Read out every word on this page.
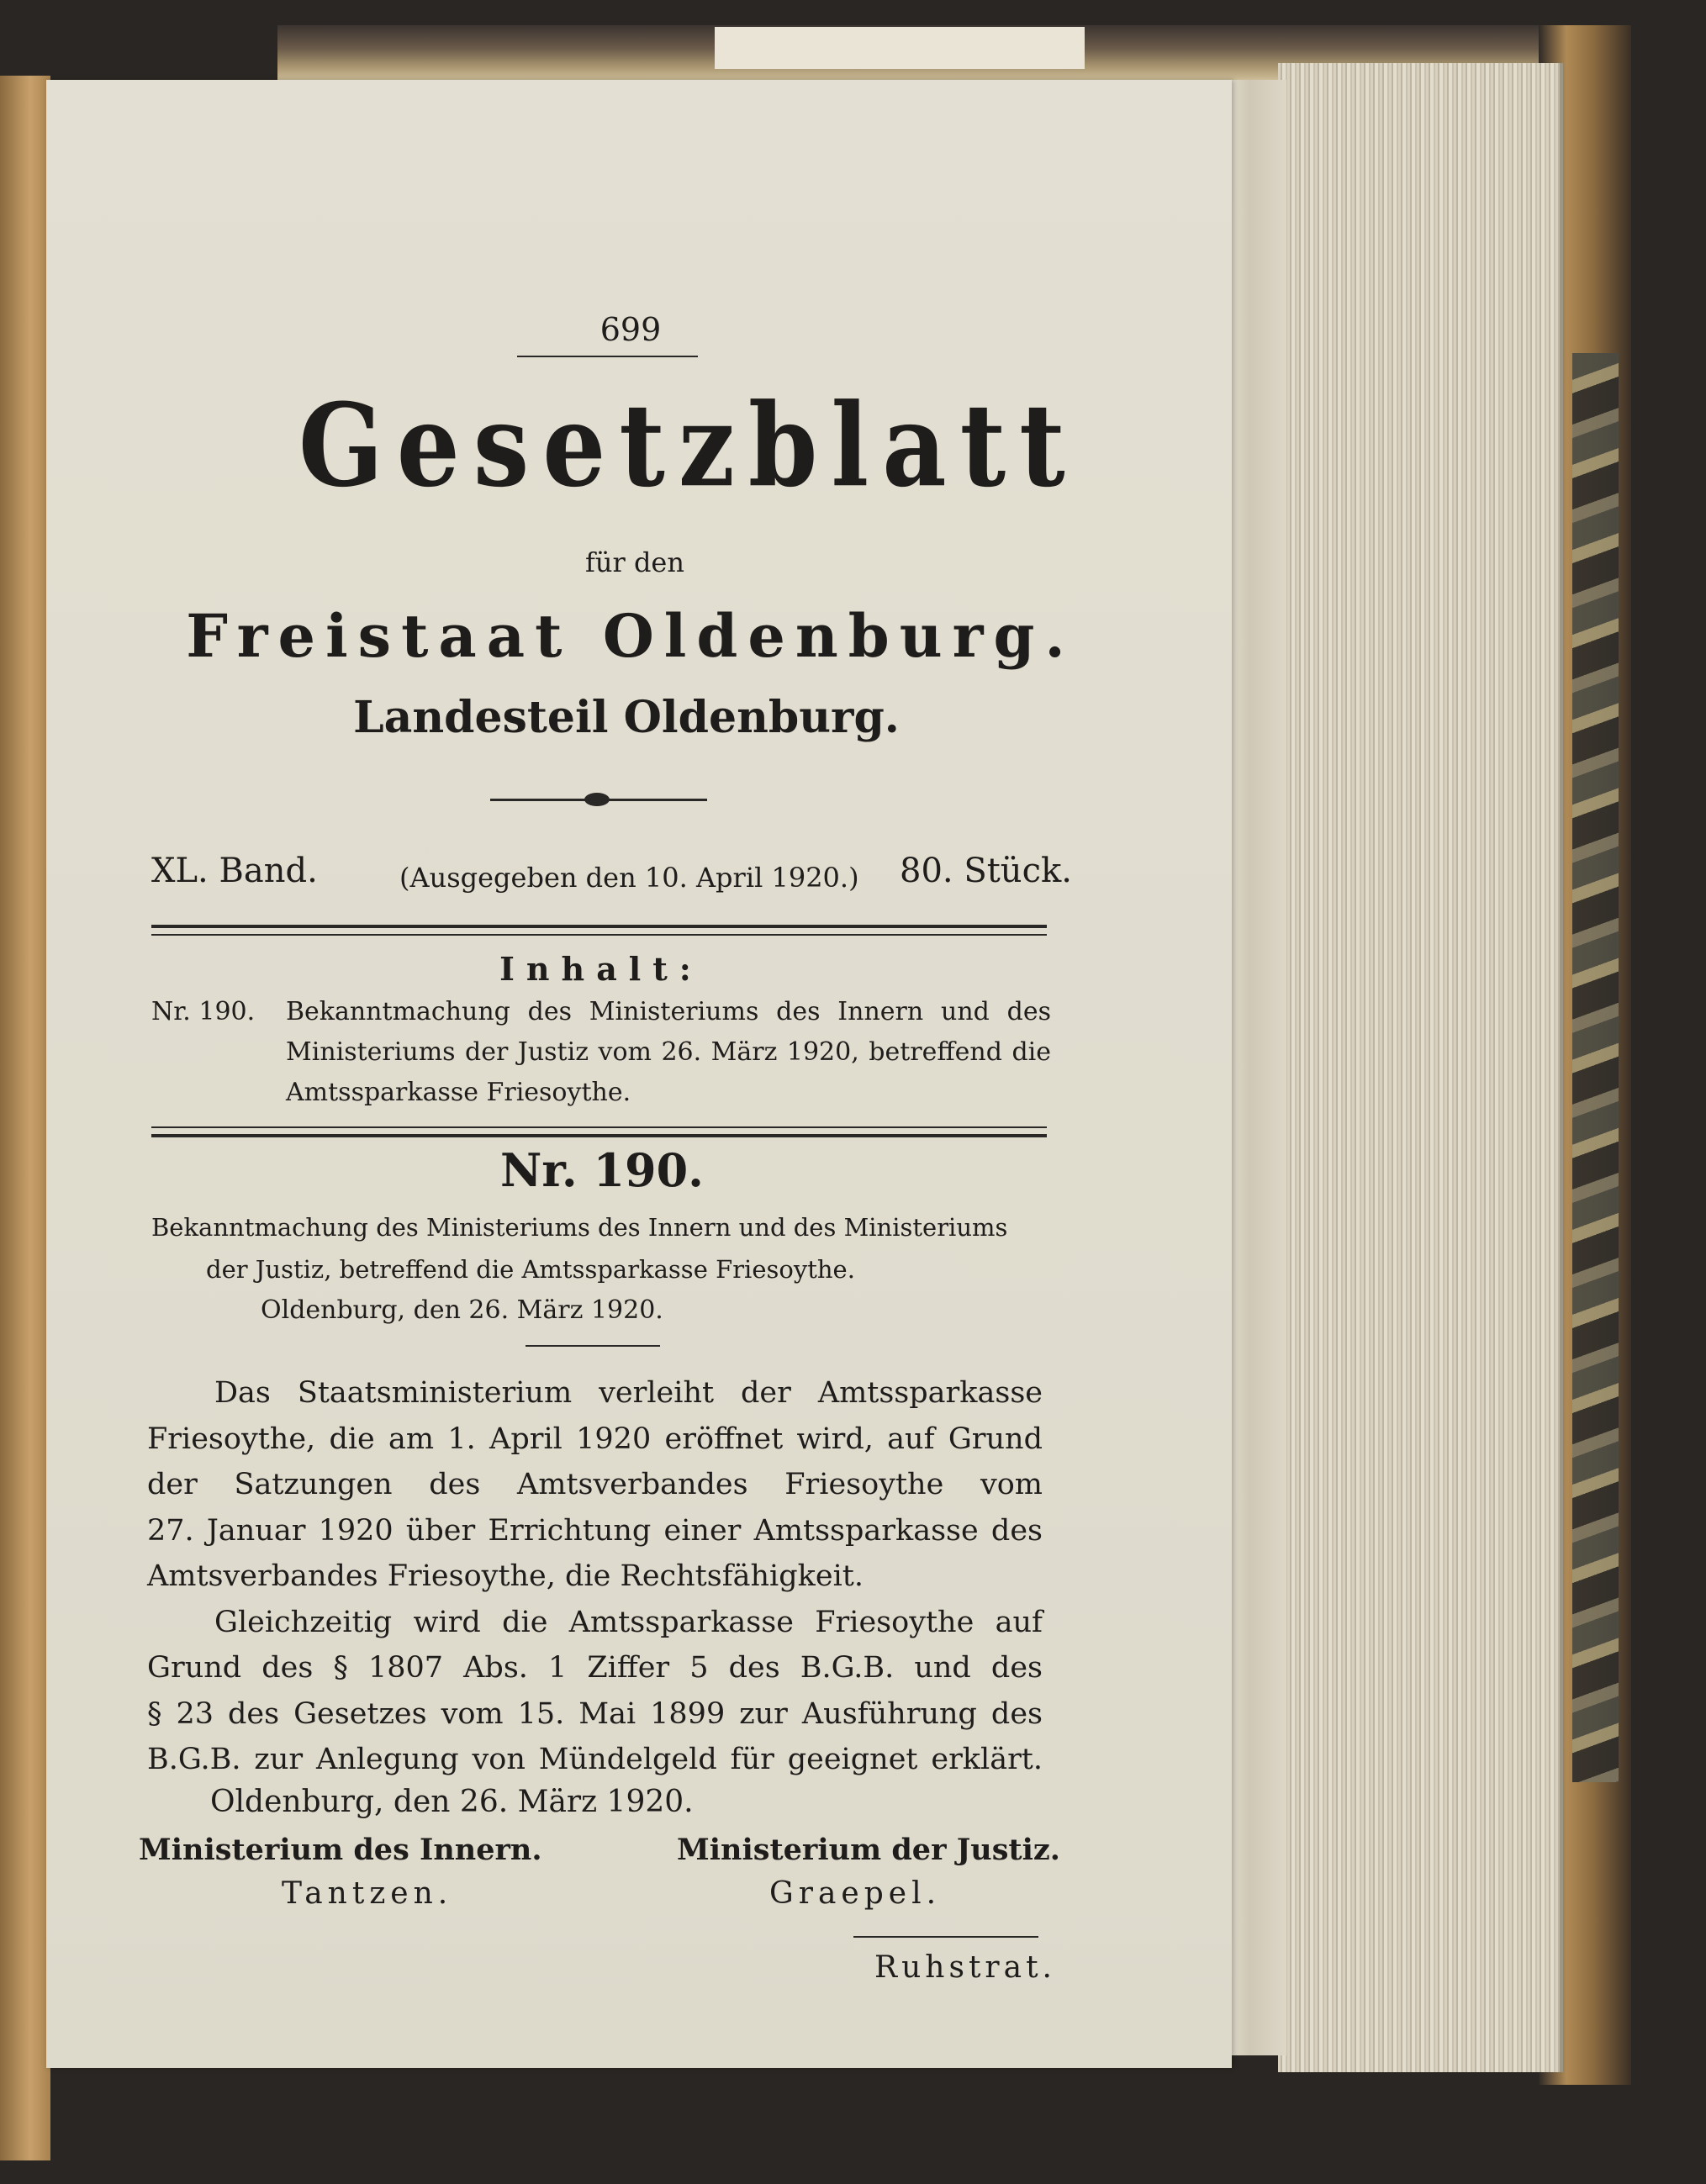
699
Gesetzblatt
für den
Freistaat Oldenburg.
Landesteil Oldenburg.
XL. Band.	(Ausgegeben den 10. April 1920.) 80. Stück.
Inhalt:
Nr. 190. Bekanntmachung des Ministeriums des Innern und des
Ministeriums der Justiz vom 26. März 1920, betreffend die
Amtssparkasse Friesoythe.
Nr. 190.
Bekanntmachung des Ministeriums des Innern und des Ministeriums
der Justiz, betreffend die Amtssparkasse Friesoythe.
Oldenburg, den 26. März 1920.
Das Staatsministerium verleiht der Amtssparkasse
Friesoythe, die am 1. April 1920 eröffnet wird, auf Grund
der Satzungen des Amtsverbandes Friesoythe vom
27. Januar 1920 über Errichtung einer Amtssparkasse des
Amtsverbandes Friesoythe, die Rechtsfähigkeit.
Gleichzeitig wird die Amtssparkasse Friesoythe auf
Grund des § 1807 Abs. 1 Ziffer 5 des B.G.B. und des
§ 23 des Gesetzes vom 15. Mai 1899 zur Ausführung des
B.G.B. zur Anlegung von Mündelgeld für geeignet erklärt.
Oldenburg, den 26. März 1920.
Ministerium des Innern.	Ministerium der Justiz.
Tantzen.	Graepel.
Ruhstrat.
